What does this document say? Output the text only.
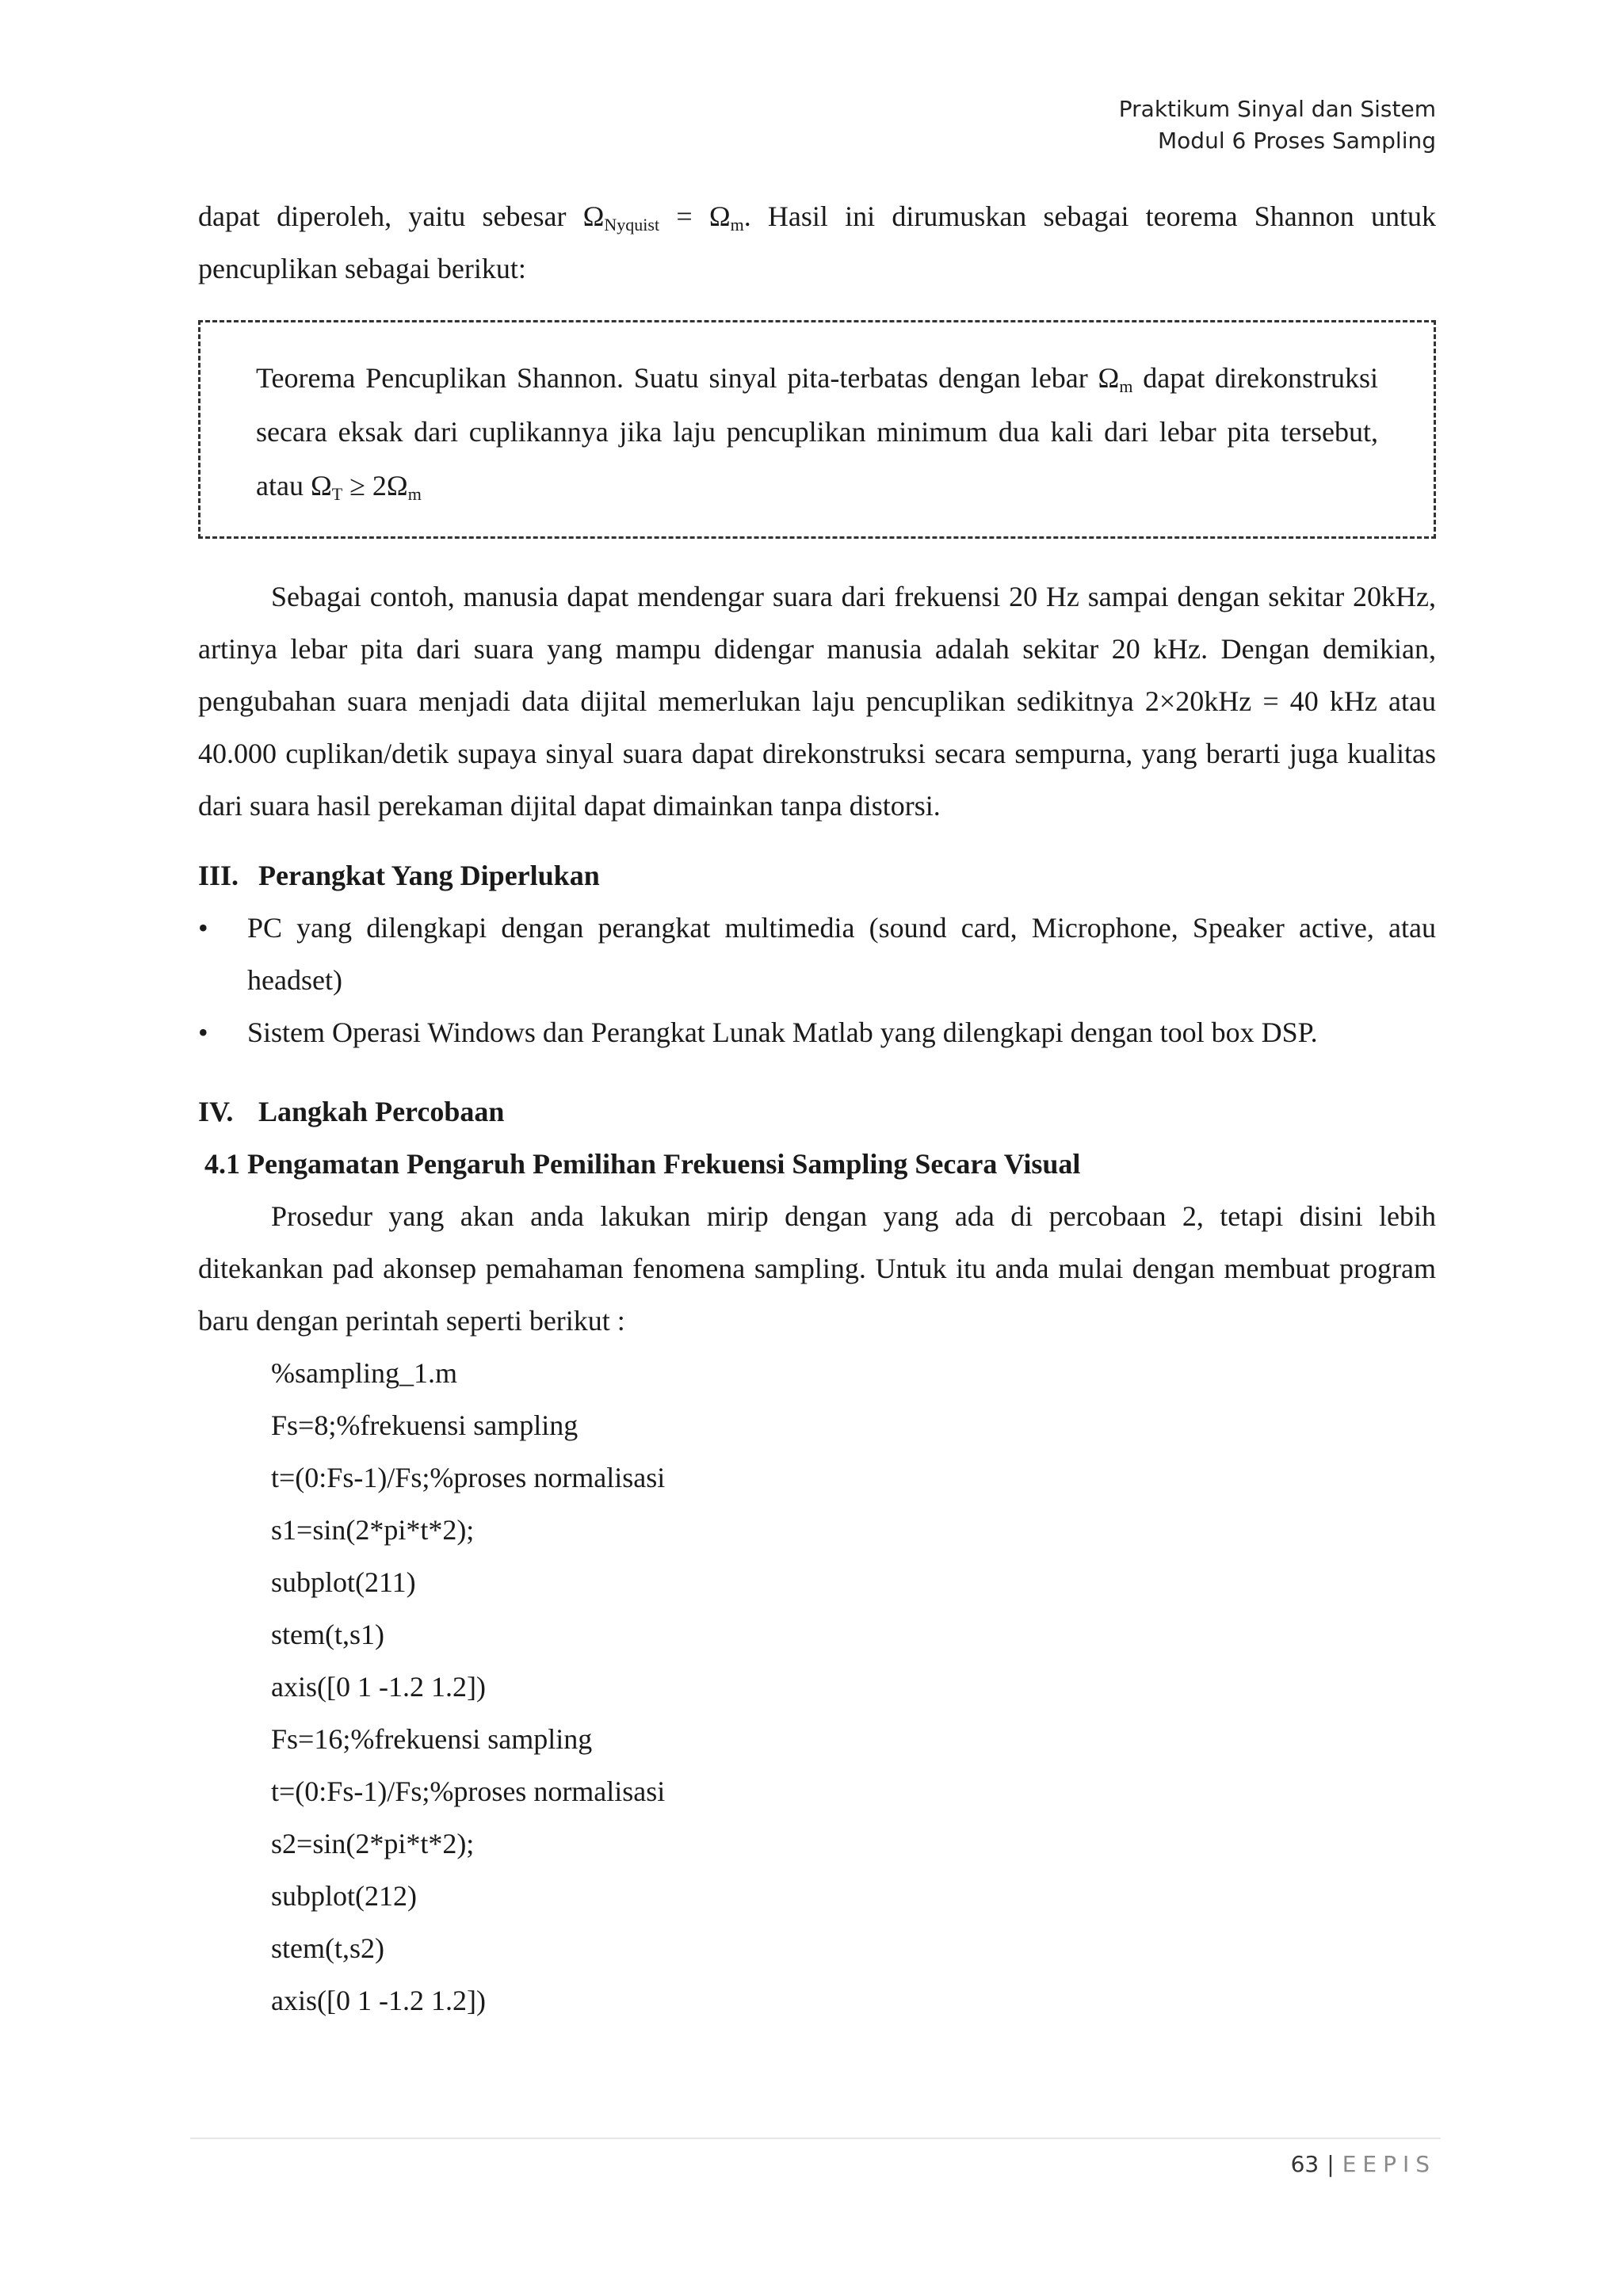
Praktikum Sinyal dan Sistem
Modul 6 Proses Sampling

dapat diperoleh, yaitu sebesar $\Omega_{Nyquist} = \Omega_m$. Hasil ini dirumuskan sebagai teorema Shannon untuk pencuplikan sebagai berikut:

Teorema Pencuplikan Shannon. Suatu sinyal pita-terbatas dengan lebar $\Omega_m$ dapat direkonstruksi secara eksak dari cuplikannya jika laju pencuplikan minimum dua kali dari lebar pita tersebut, atau $\Omega_T \ge 2\Omega_m$

Sebagai contoh, manusia dapat mendengar suara dari frekuensi 20 Hz sampai dengan sekitar 20kHz, artinya lebar pita dari suara yang mampu didengar manusia adalah sekitar 20 kHz. Dengan demikian, pengubahan suara menjadi data dijital memerlukan laju pencuplikan sedikitnya 2×20kHz = 40 kHz atau 40.000 cuplikan/detik supaya sinyal suara dapat direkonstruksi secara sempurna, yang berarti juga kualitas dari suara hasil perekaman dijital dapat dimainkan tanpa distorsi.

III. Perangkat Yang Diperlukan
• PC yang dilengkapi dengan perangkat multimedia (sound card, Microphone, Speaker active, atau headset)
• Sistem Operasi Windows dan Perangkat Lunak Matlab yang dilengkapi dengan tool box DSP.
IV. Langkah Percobaan
4.1 Pengamatan Pengaruh Pemilihan Frekuensi Sampling Secara Visual

Prosedur yang akan anda lakukan mirip dengan yang ada di percobaan 2, tetapi disini lebih ditekankan pad akonsep pemahaman fenomena sampling. Untuk itu anda mulai dengan membuat program baru dengan perintah seperti berikut :

%sampling_1.m
Fs=8;%frekuensi sampling
t=(0:Fs-1)/Fs;%proses normalisasi
s1=sin(2*pi*t*2);
subplot(211)
stem(t,s1)
axis([0 1 -1.2 1.2])
Fs=16;%frekuensi sampling
t=(0:Fs-1)/Fs;%proses normalisasi
s2=sin(2*pi*t*2);
subplot(212)
stem(t,s2)
axis([0 1 -1.2 1.2])
63 | EEPIS
